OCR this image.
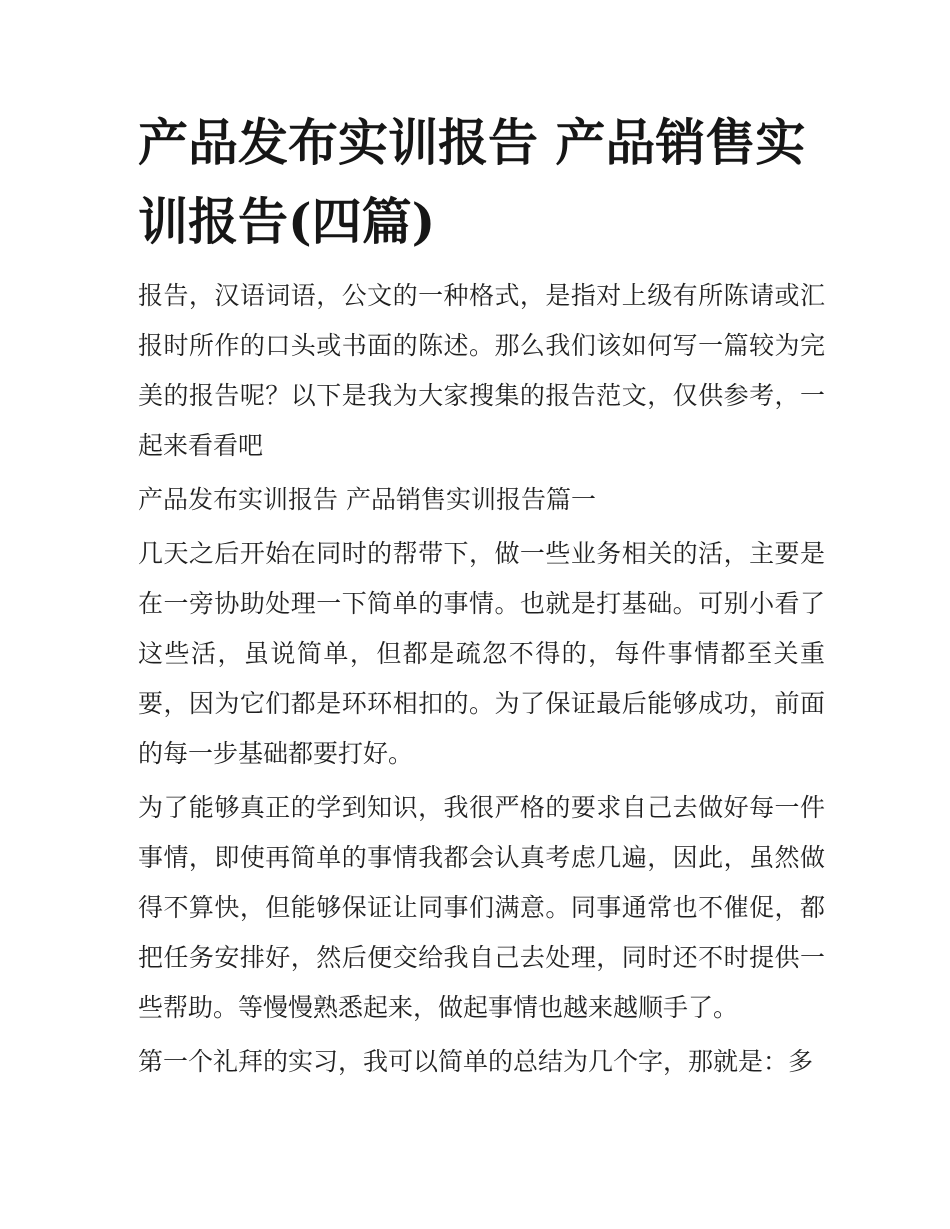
产品发布实训报告 产品销售实训报告(四篇)

报告，汉语词语，公文的一种格式，是指对上级有所陈请或汇报时所作的口头或书面的陈述。那么我们该如何写一篇较为完美的报告呢？以下是我为大家搜集的报告范文，仅供参考，一起来看看吧

产品发布实训报告 产品销售实训报告篇一

几天之后开始在同时的帮带下，做一些业务相关的活，主要是在一旁协助处理一下简单的事情。也就是打基础。可别小看了这些活，虽说简单，但都是疏忽不得的，每件事情都至关重要，因为它们都是环环相扣的。为了保证最后能够成功，前面的每一步基础都要打好。

为了能够真正的学到知识，我很严格的要求自己去做好每一件事情，即使再简单的事情我都会认真考虑几遍，因此，虽然做得不算快，但能够保证让同事们满意。同事通常也不催促，都把任务安排好，然后便交给我自己去处理，同时还不时提供一些帮助。等慢慢熟悉起来，做起事情也越来越顺手了。

第一个礼拜的实习，我可以简单的总结为几个字，那就是：多
